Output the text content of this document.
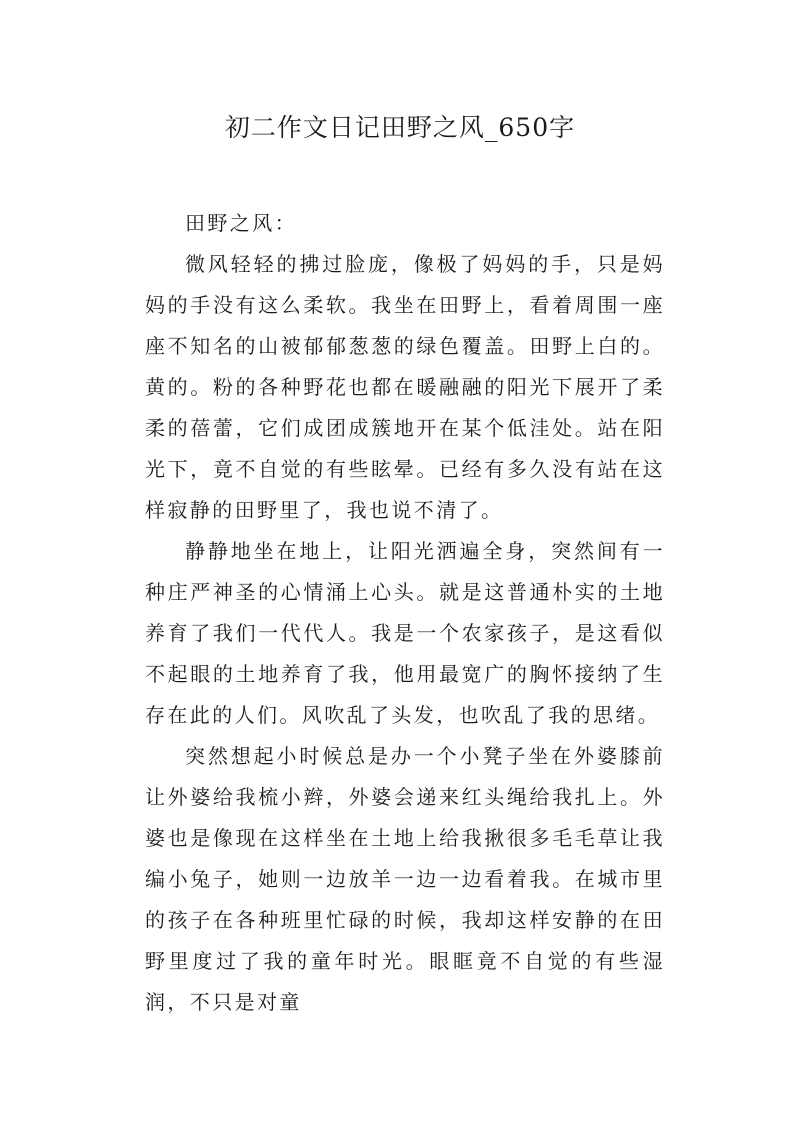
初二作文日记田野之风_650字

田野之风：

微风轻轻的拂过脸庞，像极了妈妈的手，只是妈妈的手没有这么柔软。我坐在田野上，看着周围一座座不知名的山被郁郁葱葱的绿色覆盖。田野上白的。黄的。粉的各种野花也都在暖融融的阳光下展开了柔柔的蓓蕾，它们成团成簇地开在某个低洼处。站在阳光下，竟不自觉的有些眩晕。已经有多久没有站在这样寂静的田野里了，我也说不清了。

静静地坐在地上，让阳光洒遍全身，突然间有一种庄严神圣的心情涌上心头。就是这普通朴实的土地养育了我们一代代人。我是一个农家孩子，是这看似不起眼的土地养育了我，他用最宽广的胸怀接纳了生存在此的人们。风吹乱了头发，也吹乱了我的思绪。

突然想起小时候总是办一个小凳子坐在外婆膝前让外婆给我梳小辫，外婆会递来红头绳给我扎上。外婆也是像现在这样坐在土地上给我揪很多毛毛草让我编小兔子，她则一边放羊一边一边看着我。在城市里的孩子在各种班里忙碌的时候，我却这样安静的在田野里度过了我的童年时光。眼眶竟不自觉的有些湿润，不只是对童
